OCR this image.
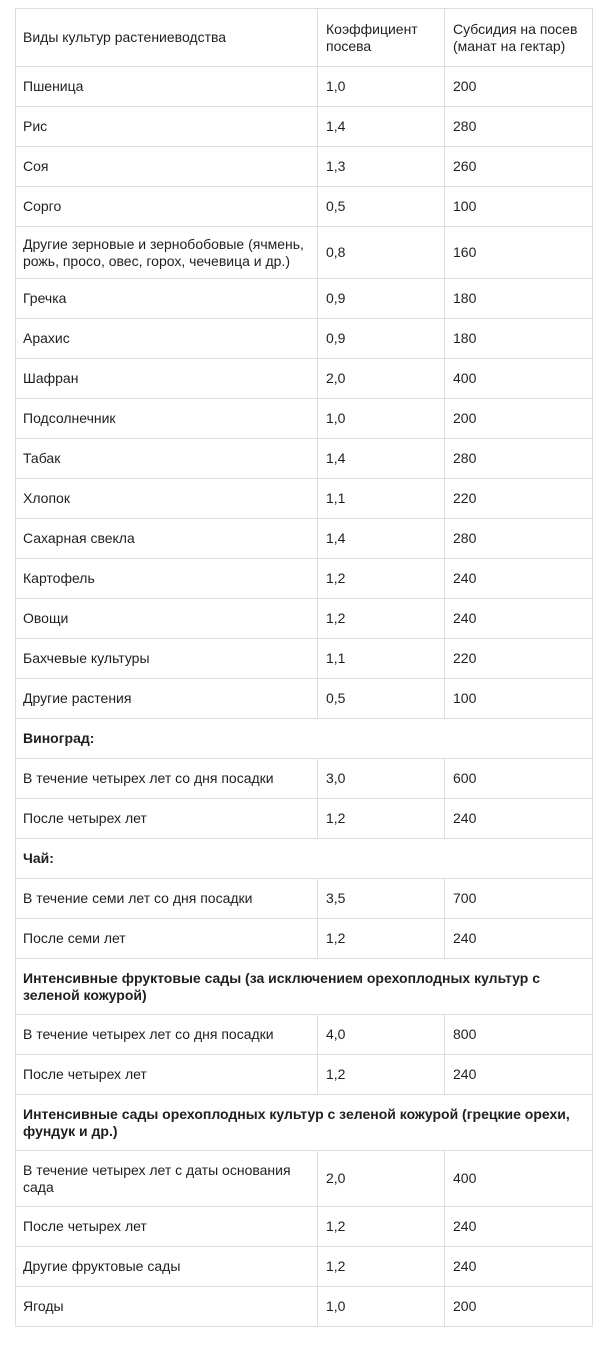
Виды культур растениеводства	Коэффициент посева	Субсидия на посев (манат на гектар)
Пшеница	1,0	200
Рис	1,4	280
Соя	1,3	260
Сорго	0,5	100
Другие зерновые и зернобобовые (ячмень, рожь, просо, овес, горох, чечевица и др.)	0,8	160
Гречка	0,9	180
Арахис	0,9	180
Шафран	2,0	400
Подсолнечник	1,0	200
Табак	1,4	280
Хлопок	1,1	220
Сахарная свекла	1,4	280
Картофель	1,2	240
Овощи	1,2	240
Бахчевые культуры	1,1	220
Другие растения	0,5	100
Виноград:		
В течение четырех лет со дня посадки	3,0	600
После четырех лет	1,2	240
Чай:		
В течение семи лет со дня посадки	3,5	700
После семи лет	1,2	240
Интенсивные фруктовые сады (за исключением орехоплодных культур с зеленой кожурой)		
В течение четырех лет со дня посадки	4,0	800
После четырех лет	1,2	240
Интенсивные сады орехоплодных культур с зеленой кожурой (грецкие орехи, фундук и др.)		
В течение четырех лет с даты основания сада	2,0	400
После четырех лет	1,2	240
Другие фруктовые сады	1,2	240
Ягоды	1,0	200
